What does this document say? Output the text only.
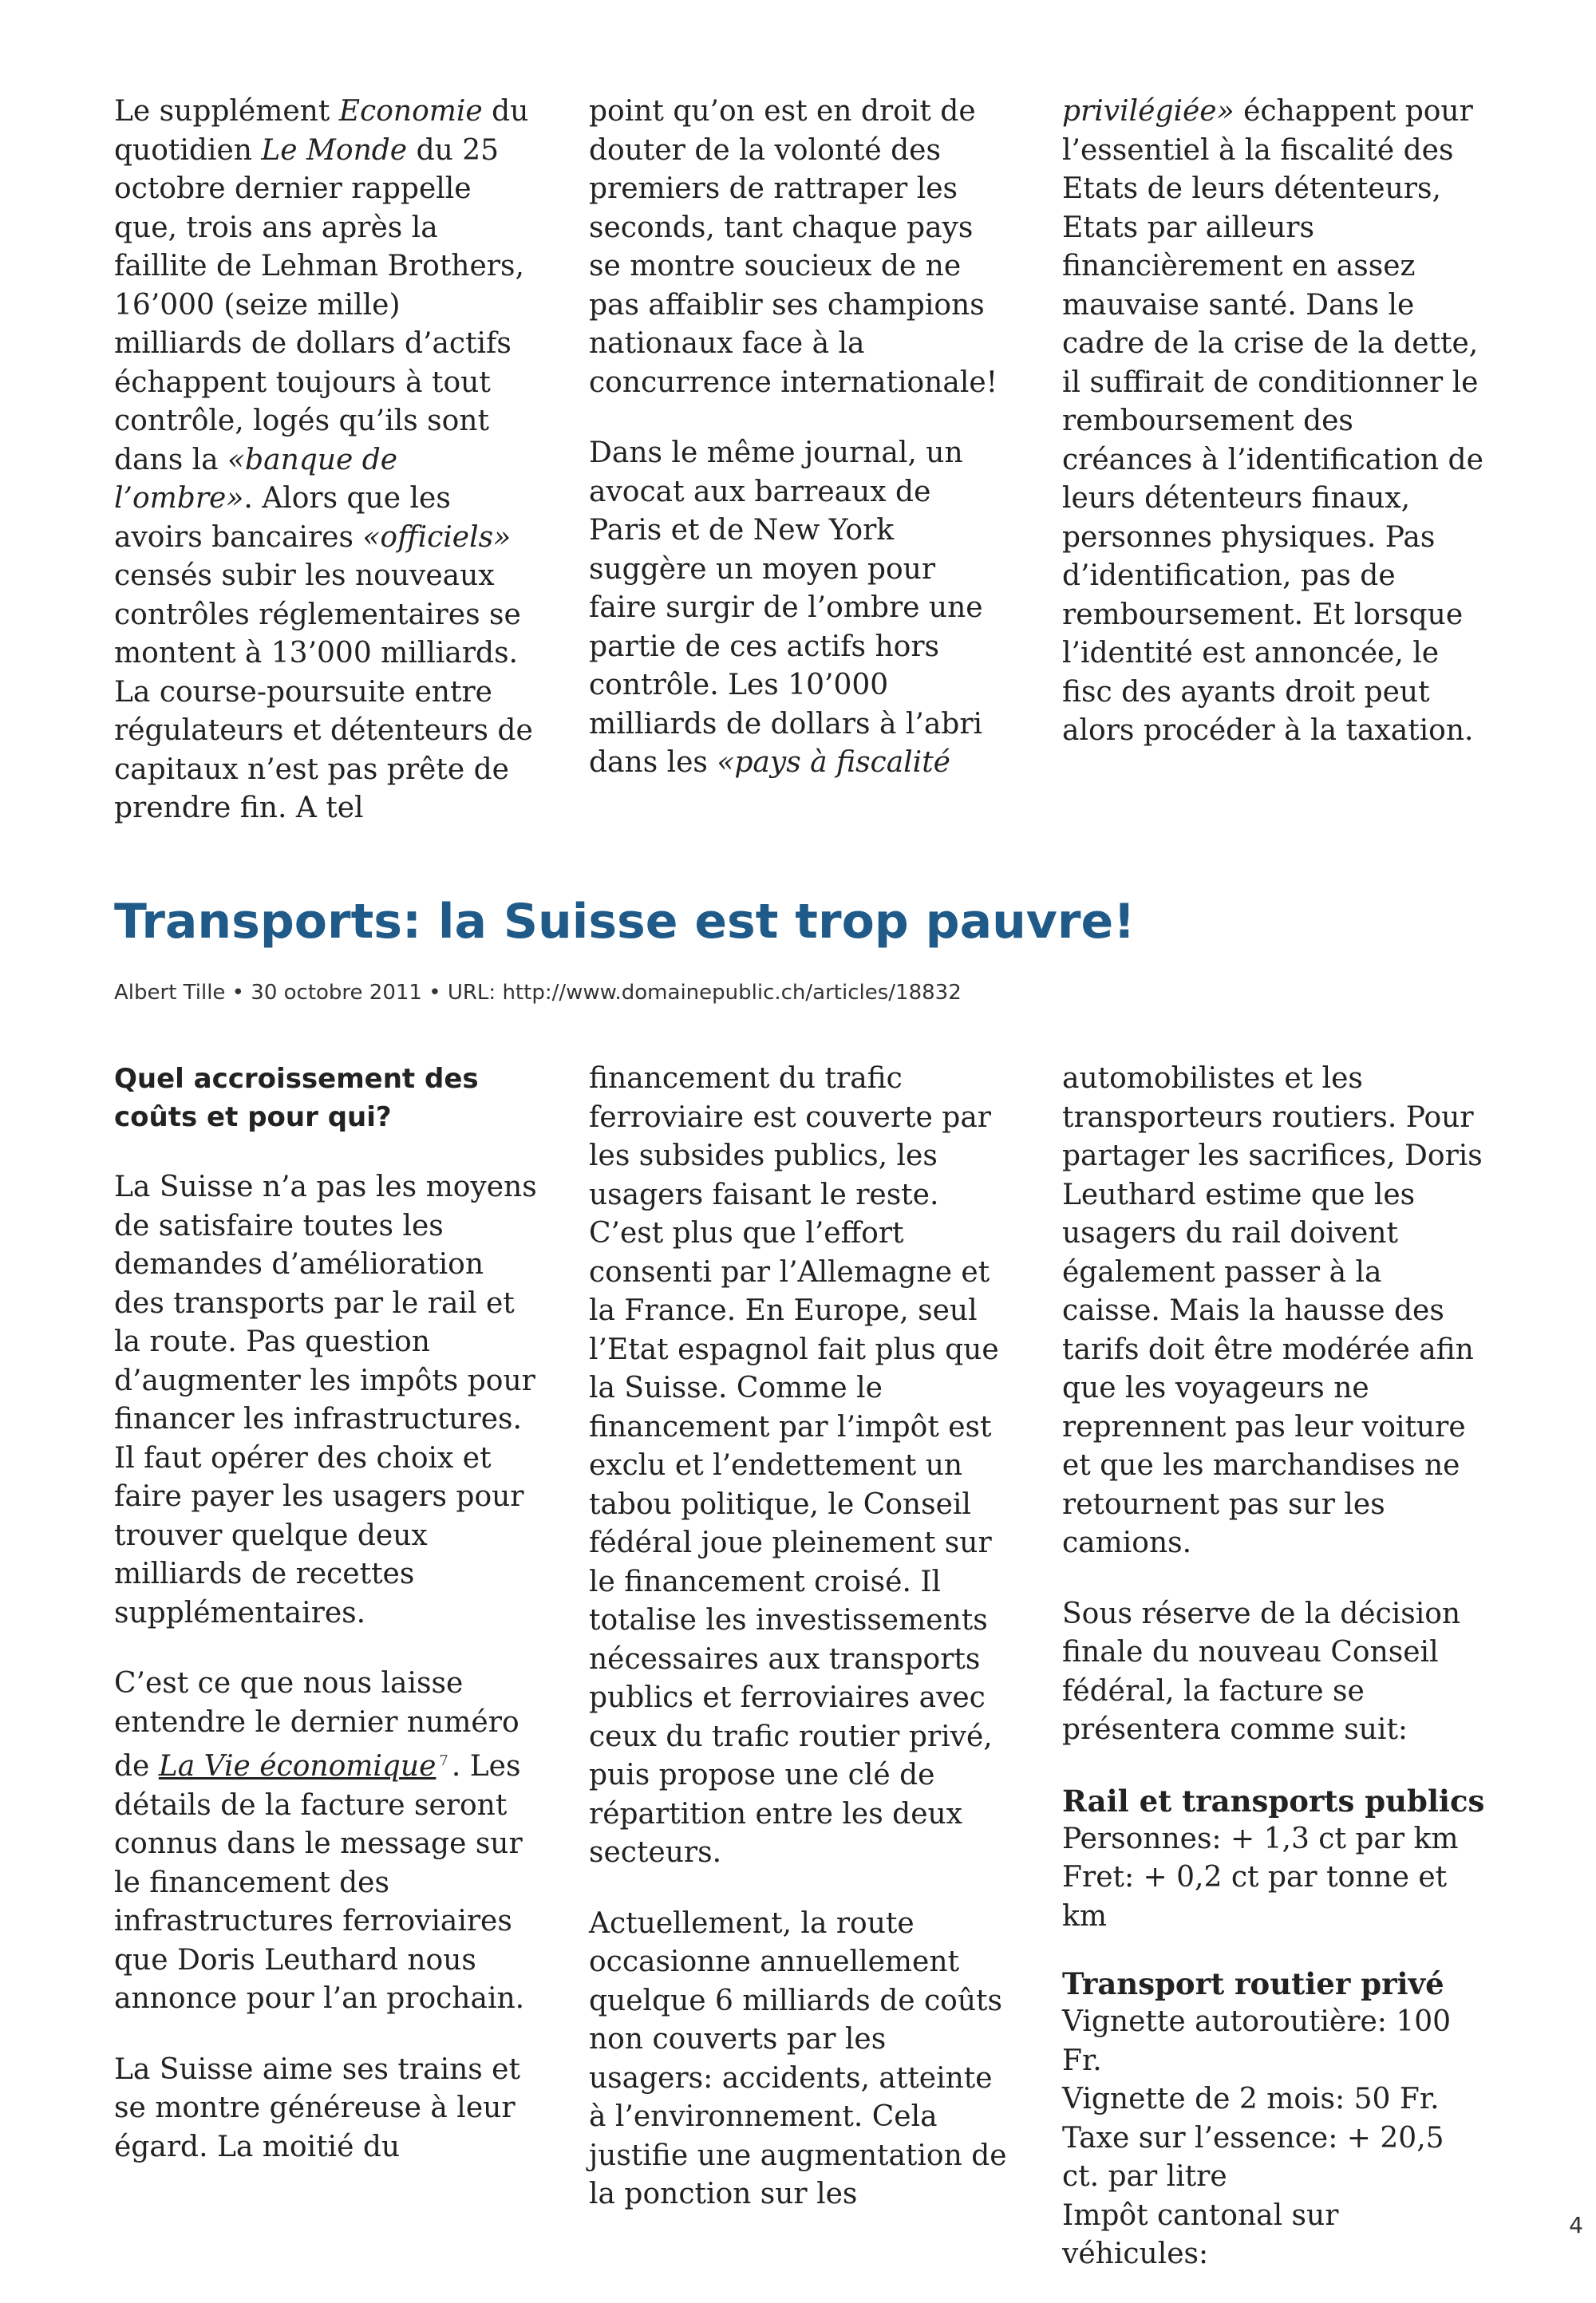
Le supplément Economie du quotidien Le Monde du 25 octobre dernier rappelle que, trois ans après la faillite de Lehman Brothers, 16’000 (seize mille) milliards de dollars d’actifs échappent toujours à tout contrôle, logés qu’ils sont dans la «banque de l’ombre». Alors que les avoirs bancaires «officiels» censés subir les nouveaux contrôles réglementaires se montent à 13’000 milliards. La course-poursuite entre régulateurs et détenteurs de capitaux n’est pas prête de prendre fin. A tel

point qu’on est en droit de douter de la volonté des premiers de rattraper les seconds, tant chaque pays se montre soucieux de ne pas affaiblir ses champions nationaux face à la concurrence internationale!

Dans le même journal, un avocat aux barreaux de Paris et de New York suggère un moyen pour faire surgir de l’ombre une partie de ces actifs hors contrôle. Les 10’000 milliards de dollars à l’abri dans les «pays à fiscalité

privilégiée» échappent pour l’essentiel à la fiscalité des Etats de leurs détenteurs, Etats par ailleurs financièrement en assez mauvaise santé. Dans le cadre de la crise de la dette, il suffirait de conditionner le remboursement des créances à l’identification de leurs détenteurs finaux, personnes physiques. Pas d’identification, pas de remboursement. Et lorsque l’identité est annoncée, le fisc des ayants droit peut alors procéder à la taxation.

Transports: la Suisse est trop pauvre!
Albert Tille • 30 octobre 2011 • URL: http://www.domainepublic.ch/articles/18832
Quel accroissement des coûts et pour qui?

La Suisse n’a pas les moyens de satisfaire toutes les demandes d’amélioration des transports par le rail et la route. Pas question d’augmenter les impôts pour financer les infrastructures. Il faut opérer des choix et faire payer les usagers pour trouver quelque deux milliards de recettes supplémentaires.

C’est ce que nous laisse entendre le dernier numéro de La Vie économique $^7$ . Les détails de la facture seront connus dans le message sur le financement des infrastructures ferroviaires que Doris Leuthard nous annonce pour l’an prochain.

La Suisse aime ses trains et se montre généreuse à leur égard. La moitié du

financement du trafic ferroviaire est couverte par les subsides publics, les usagers faisant le reste. C’est plus que l’effort consenti par l’Allemagne et la France. En Europe, seul l’Etat espagnol fait plus que la Suisse. Comme le financement par l’impôt est exclu et l’endettement un tabou politique, le Conseil fédéral joue pleinement sur le financement croisé. Il totalise les investissements nécessaires aux transports publics et ferroviaires avec ceux du trafic routier privé, puis propose une clé de répartition entre les deux secteurs.

Actuellement, la route occasionne annuellement quelque 6 milliards de coûts non couverts par les usagers: accidents, atteinte à l’environnement. Cela justifie une augmentation de la ponction sur les

automobilistes et les transporteurs routiers. Pour partager les sacrifices, Doris Leuthard estime que les usagers du rail doivent également passer à la caisse. Mais la hausse des tarifs doit être modérée afin que les voyageurs ne reprennent pas leur voiture et que les marchandises ne retournent pas sur les camions.

Sous réserve de la décision finale du nouveau Conseil fédéral, la facture se présentera comme suit:

Rail et transports publics
Personnes: + 1,3 ct par km
Fret: + 0,2 ct par tonne et km
Transport routier privé
Vignette autoroutière: 100 Fr.
Vignette de 2 mois: 50 Fr.
Taxe sur l’essence: + 20,5 ct. par litre
Impôt cantonal sur véhicules:
4
